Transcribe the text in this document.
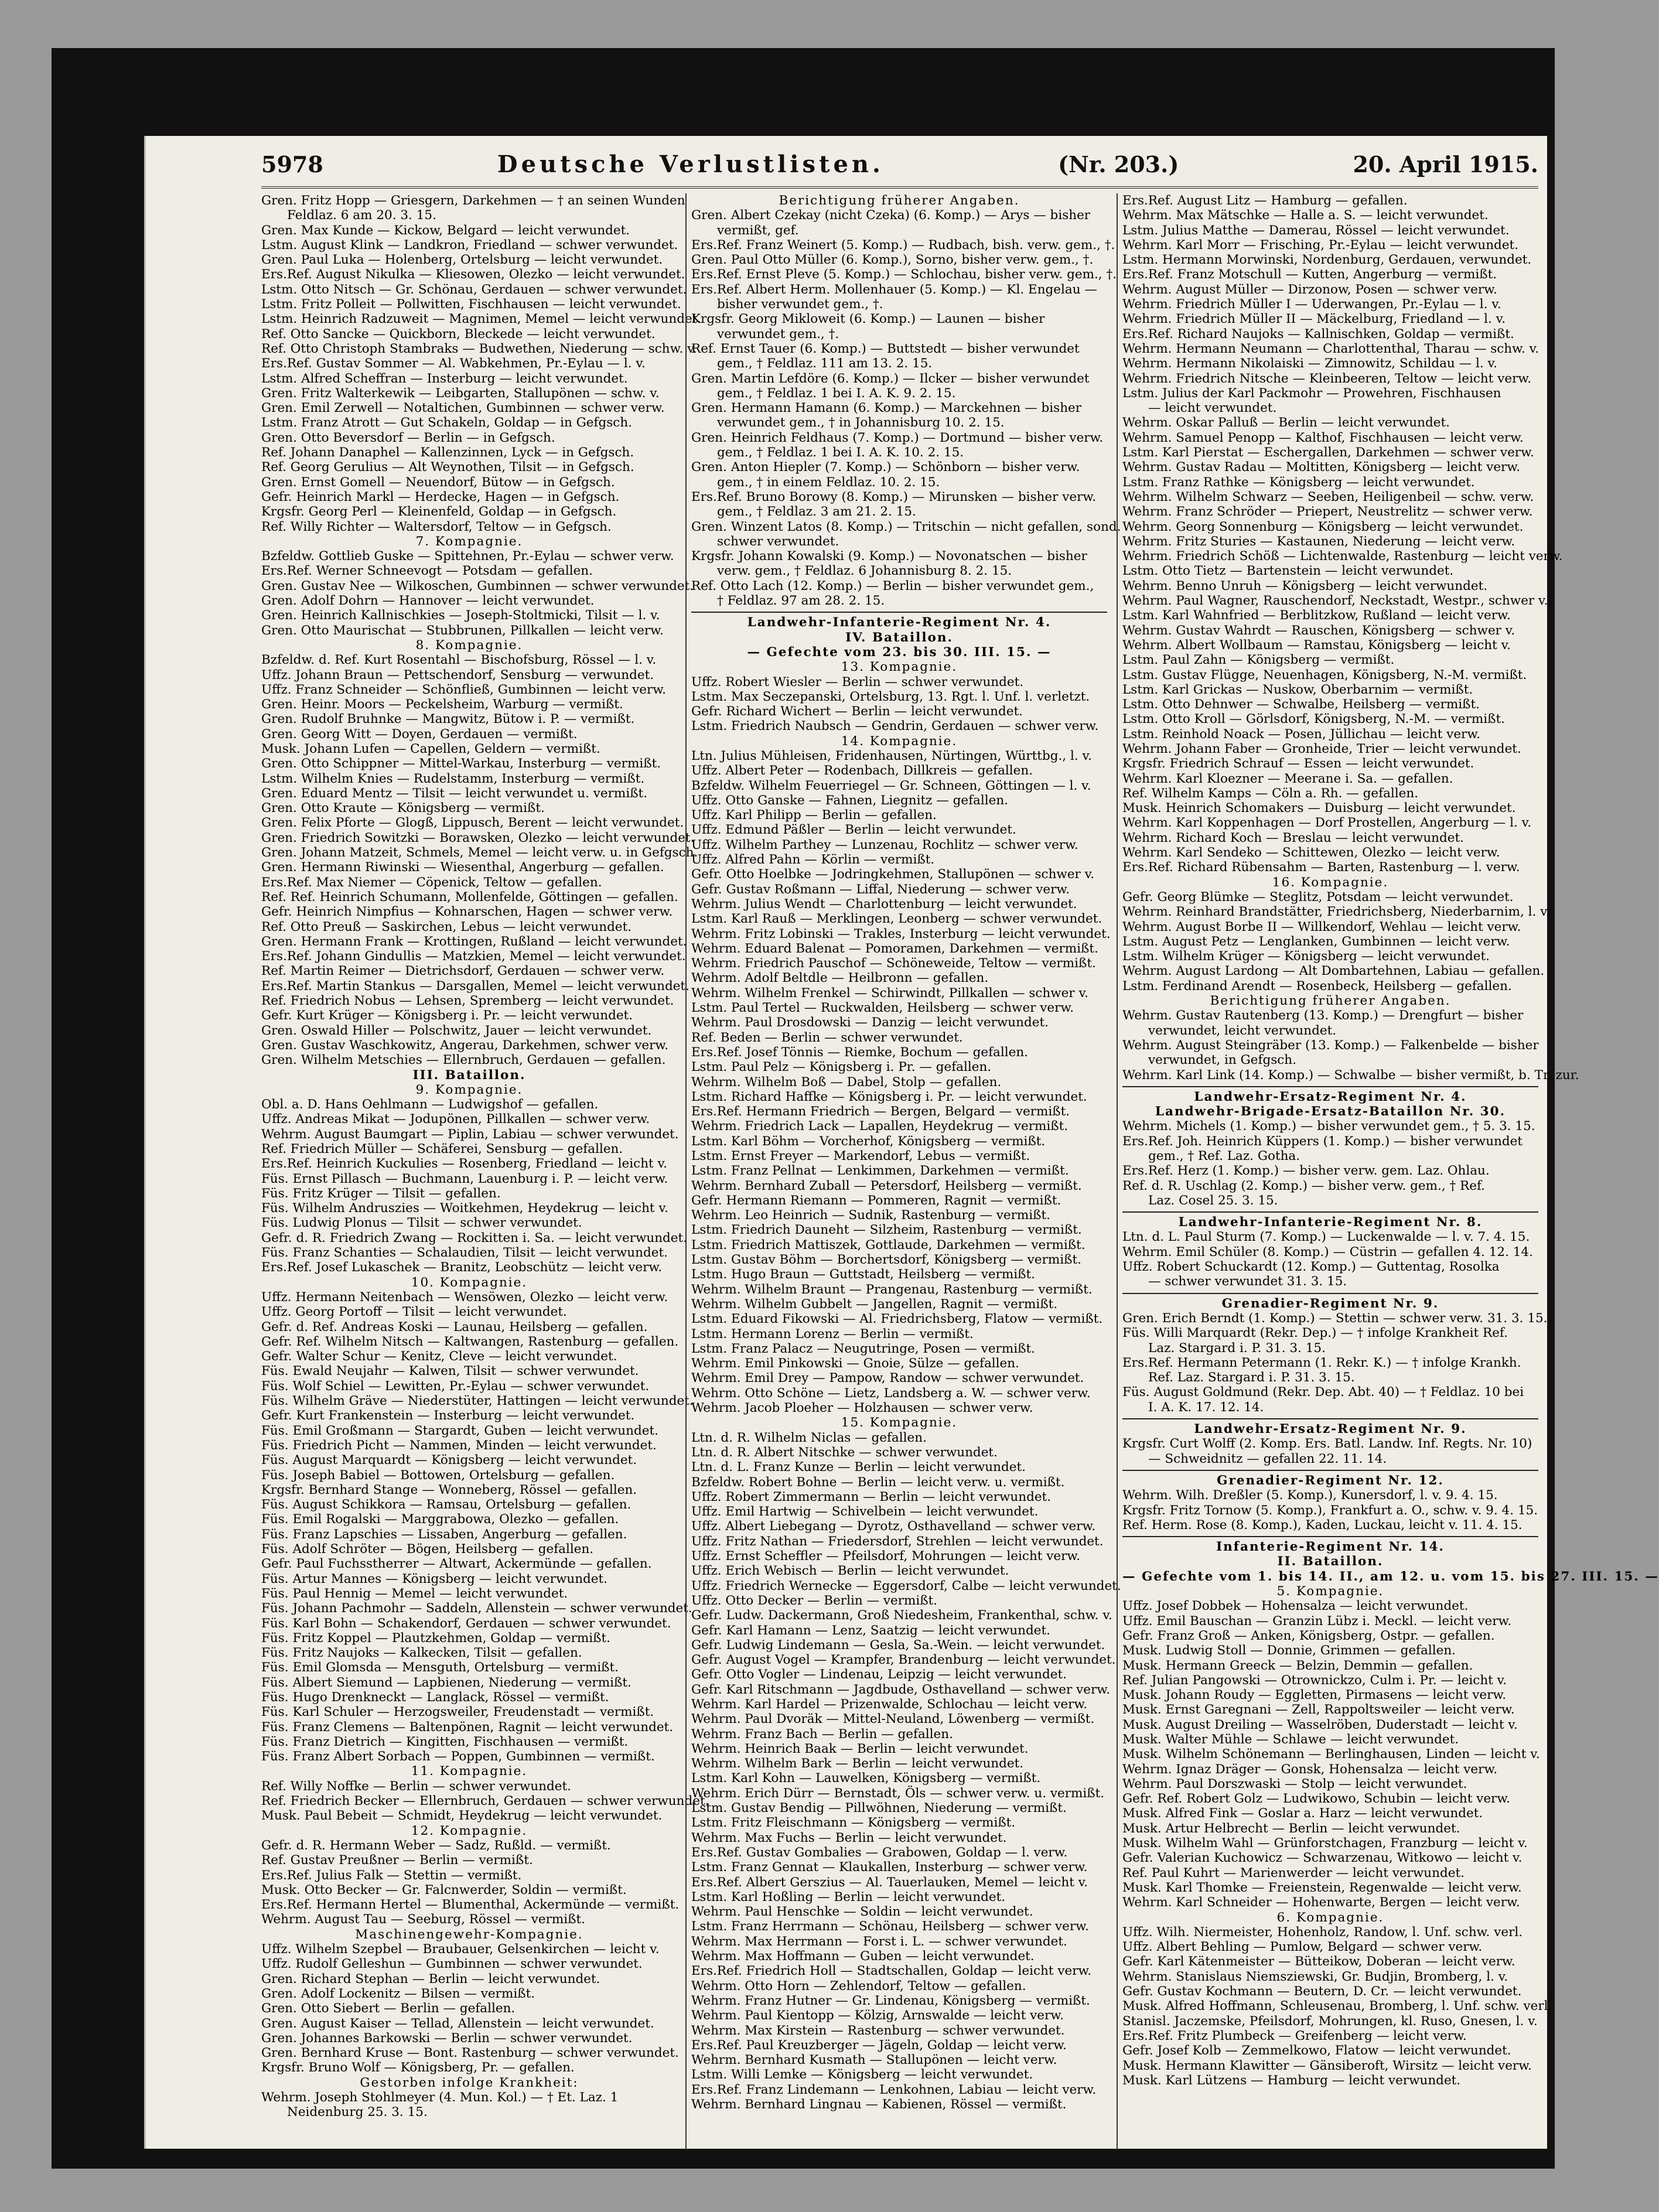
5978	Deutsche Verlustlisten.	(Nr. 203.)	20. April 1915.
Gren. Fritz Hopp — Griesgern, Darkehmen — † an seinen Wunden
Feldlaz. 6 am 20. 3. 15.
Gren. Max Kunde — Kickow, Belgard — leicht verwundet.
Lstm. August Klink — Landkron, Friedland — schwer verwundet.
Gren. Paul Luka — Holenberg, Ortelsburg — leicht verwundet.
Ers.Ref. August Nikulka — Kliesowen, Olezko — leicht verwundet.
Lstm. Otto Nitsch — Gr. Schönau, Gerdauen — schwer verwundet.
Lstm. Fritz Polleit — Pollwitten, Fischhausen — leicht verwundet.
Lstm. Heinrich Radzuweit — Magnimen, Memel — leicht verwundet.
Ref. Otto Sancke — Quickborn, Bleckede — leicht verwundet.
Ref. Otto Christoph Stambraks — Budwethen, Niederung — schw. v.
Ers.Ref. Gustav Sommer — Al. Wabkehmen, Pr.-Eylau — l. v.
Lstm. Alfred Scheffran — Insterburg — leicht verwundet.
Gren. Fritz Walterkewik — Leibgarten, Stallupönen — schw. v.
Gren. Emil Zerwell — Notaltichen, Gumbinnen — schwer verw.
Lstm. Franz Atrott — Gut Schakeln, Goldap — in Gefgsch.
Gren. Otto Beversdorf — Berlin — in Gefgsch.
Ref. Johann Danaphel — Kallenzinnen, Lyck — in Gefgsch.
Ref. Georg Gerulius — Alt Weynothen, Tilsit — in Gefgsch.
Gren. Ernst Gomell — Neuendorf, Bütow — in Gefgsch.
Gefr. Heinrich Markl — Herdecke, Hagen — in Gefgsch.
Krgsfr. Georg Perl — Kleinenfeld, Goldap — in Gefgsch.
Ref. Willy Richter — Waltersdorf, Teltow — in Gefgsch.
7. Kompagnie.
Bzfeldw. Gottlieb Guske — Spittehnen, Pr.-Eylau — schwer verw.
Ers.Ref. Werner Schneevogt — Potsdam — gefallen.
Gren. Gustav Nee — Wilkoschen, Gumbinnen — schwer verwundet.
Gren. Adolf Dohrn — Hannover — leicht verwundet.
Gren. Heinrich Kallnischkies — Joseph-Stoltmicki, Tilsit — l. v.
Gren. Otto Maurischat — Stubbrunen, Pillkallen — leicht verw.
8. Kompagnie.
Bzfeldw. d. Ref. Kurt Rosentahl — Bischofsburg, Rössel — l. v.
Uffz. Johann Braun — Pettschendorf, Sensburg — verwundet.
Uffz. Franz Schneider — Schönfließ, Gumbinnen — leicht verw.
Gren. Heinr. Moors — Peckelsheim, Warburg — vermißt.
Gren. Rudolf Bruhnke — Mangwitz, Bütow i. P. — vermißt.
Gren. Georg Witt — Doyen, Gerdauen — vermißt.
Musk. Johann Lufen — Capellen, Geldern — vermißt.
Gren. Otto Schippner — Mittel-Warkau, Insterburg — vermißt.
Lstm. Wilhelm Knies — Rudelstamm, Insterburg — vermißt.
Gren. Eduard Mentz — Tilsit — leicht verwundet u. vermißt.
Gren. Otto Kraute — Königsberg — vermißt.
Gren. Felix Pforte — Glogß, Lippusch, Berent — leicht verwundet.
Gren. Friedrich Sowitzki — Borawsken, Olezko — leicht verwundet.
Gren. Johann Matzeit, Schmels, Memel — leicht verw. u. in Gefgsch.
Gren. Hermann Riwinski — Wiesenthal, Angerburg — gefallen.
Ers.Ref. Max Niemer — Cöpenick, Teltow — gefallen.
Ref. Ref. Heinrich Schumann, Mollenfelde, Göttingen — gefallen.
Gefr. Heinrich Nimpfius — Kohnarschen, Hagen — schwer verw.
Ref. Otto Preuß — Saskirchen, Lebus — leicht verwundet.
Gren. Hermann Frank — Krottingen, Rußland — leicht verwundet.
Ers.Ref. Johann Gindullis — Matzkien, Memel — leicht verwundet.
Ref. Martin Reimer — Dietrichsdorf, Gerdauen — schwer verw.
Ers.Ref. Martin Stankus — Darsgallen, Memel — leicht verwundet.
Ref. Friedrich Nobus — Lehsen, Spremberg — leicht verwundet.
Gefr. Kurt Krüger — Königsberg i. Pr. — leicht verwundet.
Gren. Oswald Hiller — Polschwitz, Jauer — leicht verwundet.
Gren. Gustav Waschkowitz, Angerau, Darkehmen, schwer verw.
Gren. Wilhelm Metschies — Ellernbruch, Gerdauen — gefallen.
III. Bataillon.
9. Kompagnie.
Obl. a. D. Hans Oehlmann — Ludwigshof — gefallen.
Uffz. Andreas Mikat — Jodupönen, Pillkallen — schwer verw.
Wehrm. August Baumgart — Piplin, Labiau — schwer verwundet.
Ref. Friedrich Müller — Schäferei, Sensburg — gefallen.
Ers.Ref. Heinrich Kuckulies — Rosenberg, Friedland — leicht v.
Füs. Ernst Pillasch — Buchmann, Lauenburg i. P. — leicht verw.
Füs. Fritz Krüger — Tilsit — gefallen.
Füs. Wilhelm Andruszies — Woitkehmen, Heydekrug — leicht v.
Füs. Ludwig Plonus — Tilsit — schwer verwundet.
Gefr. d. R. Friedrich Zwang — Rockitten i. Sa. — leicht verwundet.
Füs. Franz Schanties — Schalaudien, Tilsit — leicht verwundet.
Ers.Ref. Josef Lukaschek — Branitz, Leobschütz — leicht verw.
10. Kompagnie.
Uffz. Hermann Neitenbach — Wensöwen, Olezko — leicht verw.
Uffz. Georg Portoff — Tilsit — leicht verwundet.
Gefr. d. Ref. Andreas Koski — Launau, Heilsberg — gefallen.
Gefr. Ref. Wilhelm Nitsch — Kaltwangen, Rastenburg — gefallen.
Gefr. Walter Schur — Kenitz, Cleve — leicht verwundet.
Füs. Ewald Neujahr — Kalwen, Tilsit — schwer verwundet.
Füs. Wolf Schiel — Lewitten, Pr.-Eylau — schwer verwundet.
Füs. Wilhelm Gräve — Niederstüter, Hattingen — leicht verwundet.
Gefr. Kurt Frankenstein — Insterburg — leicht verwundet.
Füs. Emil Großmann — Stargardt, Guben — leicht verwundet.
Füs. Friedrich Picht — Nammen, Minden — leicht verwundet.
Füs. August Marquardt — Königsberg — leicht verwundet.
Füs. Joseph Babiel — Bottowen, Ortelsburg — gefallen.
Krgsfr. Bernhard Stange — Wonneberg, Rössel — gefallen.
Füs. August Schikkora — Ramsau, Ortelsburg — gefallen.
Füs. Emil Rogalski — Marggrabowa, Olezko — gefallen.
Füs. Franz Lapschies — Lissaben, Angerburg — gefallen.
Füs. Adolf Schröter — Bögen, Heilsberg — gefallen.
Gefr. Paul Fuchsstherrer — Altwart, Ackermünde — gefallen.
Füs. Artur Mannes — Königsberg — leicht verwundet.
Füs. Paul Hennig — Memel — leicht verwundet.
Füs. Johann Pachmohr — Saddeln, Allenstein — schwer verwundet.
Füs. Karl Bohn — Schakendorf, Gerdauen — schwer verwundet.
Füs. Fritz Koppel — Plautzkehmen, Goldap — vermißt.
Füs. Fritz Naujoks — Kalkecken, Tilsit — gefallen.
Füs. Emil Glomsda — Mensguth, Ortelsburg — vermißt.
Füs. Albert Siemund — Lapbienen, Niederung — vermißt.
Füs. Hugo Drenkneckt — Langlack, Rössel — vermißt.
Füs. Karl Schuler — Herzogsweiler, Freudenstadt — vermißt.
Füs. Franz Clemens — Baltenpönen, Ragnit — leicht verwundet.
Füs. Franz Dietrich — Kingitten, Fischhausen — vermißt.
Füs. Franz Albert Sorbach — Poppen, Gumbinnen — vermißt.
11. Kompagnie.
Ref. Willy Noffke — Berlin — schwer verwundet.
Ref. Friedrich Becker — Ellernbruch, Gerdauen — schwer verwundet.
Musk. Paul Bebeit — Schmidt, Heydekrug — leicht verwundet.
12. Kompagnie.
Gefr. d. R. Hermann Weber — Sadz, Rußld. — vermißt.
Ref. Gustav Preußner — Berlin — vermißt.
Ers.Ref. Julius Falk — Stettin — vermißt.
Musk. Otto Becker — Gr. Falcnwerder, Soldin — vermißt.
Ers.Ref. Hermann Hertel — Blumenthal, Ackermünde — vermißt.
Wehrm. August Tau — Seeburg, Rössel — vermißt.
Maschinengewehr-Kompagnie.
Uffz. Wilhelm Szepbel — Braubauer, Gelsenkirchen — leicht v.
Uffz. Rudolf Gelleshun — Gumbinnen — schwer verwundet.
Gren. Richard Stephan — Berlin — leicht verwundet.
Gren. Adolf Lockenitz — Bilsen — vermißt.
Gren. Otto Siebert — Berlin — gefallen.
Gren. August Kaiser — Tellad, Allenstein — leicht verwundet.
Gren. Johannes Barkowski — Berlin — schwer verwundet.
Gren. Bernhard Kruse — Bont. Rastenburg — schwer verwundet.
Krgsfr. Bruno Wolf — Königsberg, Pr. — gefallen.
Gestorben infolge Krankheit:
Wehrm. Joseph Stohlmeyer (4. Mun. Kol.) — † Et. Laz. 1
Neidenburg 25. 3. 15.
Berichtigung früherer Angaben.
Gren. Albert Czekay (nicht Czeka) (6. Komp.) — Arys — bisher
vermißt, gef.
Ers.Ref. Franz Weinert (5. Komp.) — Rudbach, bish. verw. gem., †.
Gren. Paul Otto Müller (6. Komp.), Sorno, bisher verw. gem., †.
Ers.Ref. Ernst Pleve (5. Komp.) — Schlochau, bisher verw. gem., †.
Ers.Ref. Albert Herm. Mollenhauer (5. Komp.) — Kl. Engelau —
bisher verwundet gem., †.
Krgsfr. Georg Mikloweit (6. Komp.) — Launen — bisher
verwundet gem., †.
Ref. Ernst Tauer (6. Komp.) — Buttstedt — bisher verwundet
gem., † Feldlaz. 111 am 13. 2. 15.
Gren. Martin Lefdöre (6. Komp.) — Ilcker — bisher verwundet
gem., † Feldlaz. 1 bei I. A. K. 9. 2. 15.
Gren. Hermann Hamann (6. Komp.) — Marckehnen — bisher
verwundet gem., † in Johannisburg 10. 2. 15.
Gren. Heinrich Feldhaus (7. Komp.) — Dortmund — bisher verw.
gem., † Feldlaz. 1 bei I. A. K. 10. 2. 15.
Gren. Anton Hiepler (7. Komp.) — Schönborn — bisher verw.
gem., † in einem Feldlaz. 10. 2. 15.
Ers.Ref. Bruno Borowy (8. Komp.) — Mirunsken — bisher verw.
gem., † Feldlaz. 3 am 21. 2. 15.
Gren. Winzent Latos (8. Komp.) — Tritschin — nicht gefallen, sond.
schwer verwundet.
Krgsfr. Johann Kowalski (9. Komp.) — Novonatschen — bisher
verw. gem., † Feldlaz. 6 Johannisburg 8. 2. 15.
Ref. Otto Lach (12. Komp.) — Berlin — bisher verwundet gem.,
† Feldlaz. 97 am 28. 2. 15.
Landwehr-Infanterie-Regiment Nr. 4.
IV. Bataillon.
— Gefechte vom 23. bis 30. III. 15. —
13. Kompagnie.
Uffz. Robert Wiesler — Berlin — schwer verwundet.
Lstm. Max Seczepanski, Ortelsburg, 13. Rgt. l. Unf. l. verletzt.
Gefr. Richard Wichert — Berlin — leicht verwundet.
Lstm. Friedrich Naubsch — Gendrin, Gerdauen — schwer verw.
14. Kompagnie.
Ltn. Julius Mühleisen, Fridenhausen, Nürtingen, Württbg., l. v.
Uffz. Albert Peter — Rodenbach, Dillkreis — gefallen.
Bzfeldw. Wilhelm Feuerriegel — Gr. Schneen, Göttingen — l. v.
Uffz. Otto Ganske — Fahnen, Liegnitz — gefallen.
Uffz. Karl Philipp — Berlin — gefallen.
Uffz. Edmund Päßler — Berlin — leicht verwundet.
Uffz. Wilhelm Parthey — Lunzenau, Rochlitz — schwer verw.
Uffz. Alfred Pahn — Körlin — vermißt.
Gefr. Otto Hoelbke — Jodringkehmen, Stallupönen — schwer v.
Gefr. Gustav Roßmann — Liffal, Niederung — schwer verw.
Wehrm. Julius Wendt — Charlottenburg — leicht verwundet.
Lstm. Karl Rauß — Merklingen, Leonberg — schwer verwundet.
Wehrm. Fritz Lobinski — Trakles, Insterburg — leicht verwundet.
Wehrm. Eduard Balenat — Pomoramen, Darkehmen — vermißt.
Wehrm. Friedrich Pauschof — Schöneweide, Teltow — vermißt.
Wehrm. Adolf Beltdle — Heilbronn — gefallen.
Wehrm. Wilhelm Frenkel — Schirwindt, Pillkallen — schwer v.
Lstm. Paul Tertel — Ruckwalden, Heilsberg — schwer verw.
Wehrm. Paul Drosdowski — Danzig — leicht verwundet.
Ref. Beden — Berlin — schwer verwundet.
Ers.Ref. Josef Tönnis — Riemke, Bochum — gefallen.
Lstm. Paul Pelz — Königsberg i. Pr. — gefallen.
Wehrm. Wilhelm Boß — Dabel, Stolp — gefallen.
Lstm. Richard Haffke — Königsberg i. Pr. — leicht verwundet.
Ers.Ref. Hermann Friedrich — Bergen, Belgard — vermißt.
Wehrm. Friedrich Lack — Lapallen, Heydekrug — vermißt.
Lstm. Karl Böhm — Vorcherhof, Königsberg — vermißt.
Lstm. Ernst Freyer — Markendorf, Lebus — vermißt.
Lstm. Franz Pellnat — Lenkimmen, Darkehmen — vermißt.
Wehrm. Bernhard Zuball — Petersdorf, Heilsberg — vermißt.
Gefr. Hermann Riemann — Pommeren, Ragnit — vermißt.
Wehrm. Leo Heinrich — Sudnik, Rastenburg — vermißt.
Lstm. Friedrich Dauneht — Silzheim, Rastenburg — vermißt.
Lstm. Friedrich Mattiszek, Gottlaude, Darkehmen — vermißt.
Lstm. Gustav Böhm — Borchertsdorf, Königsberg — vermißt.
Lstm. Hugo Braun — Guttstadt, Heilsberg — vermißt.
Wehrm. Wilhelm Braunt — Prangenau, Rastenburg — vermißt.
Wehrm. Wilhelm Gubbelt — Jangellen, Ragnit — vermißt.
Lstm. Eduard Fikowski — Al. Friedrichsberg, Flatow — vermißt.
Lstm. Hermann Lorenz — Berlin — vermißt.
Lstm. Franz Palacz — Neugutringe, Posen — vermißt.
Wehrm. Emil Pinkowski — Gnoie, Sülze — gefallen.
Wehrm. Emil Drey — Pampow, Randow — schwer verwundet.
Wehrm. Otto Schöne — Lietz, Landsberg a. W. — schwer verw.
Wehrm. Jacob Ploeher — Holzhausen — schwer verw.
15. Kompagnie.
Ltn. d. R. Wilhelm Niclas — gefallen.
Ltn. d. R. Albert Nitschke — schwer verwundet.
Ltn. d. L. Franz Kunze — Berlin — leicht verwundet.
Bzfeldw. Robert Bohne — Berlin — leicht verw. u. vermißt.
Uffz. Robert Zimmermann — Berlin — leicht verwundet.
Uffz. Emil Hartwig — Schivelbein — leicht verwundet.
Uffz. Albert Liebegang — Dyrotz, Osthavelland — schwer verw.
Uffz. Fritz Nathan — Friedersdorf, Strehlen — leicht verwundet.
Uffz. Ernst Scheffler — Pfeilsdorf, Mohrungen — leicht verw.
Uffz. Erich Webisch — Berlin — leicht verwundet.
Uffz. Friedrich Wernecke — Eggersdorf, Calbe — leicht verwundet.
Uffz. Otto Decker — Berlin — vermißt.
Gefr. Ludw. Dackermann, Groß Niedesheim, Frankenthal, schw. v.
Gefr. Karl Hamann — Lenz, Saatzig — leicht verwundet.
Gefr. Ludwig Lindemann — Gesla, Sa.-Wein. — leicht verwundet.
Gefr. August Vogel — Krampfer, Brandenburg — leicht verwundet.
Gefr. Otto Vogler — Lindenau, Leipzig — leicht verwundet.
Gefr. Karl Ritschmann — Jagdbude, Osthavelland — schwer verw.
Wehrm. Karl Hardel — Prizenwalde, Schlochau — leicht verw.
Wehrm. Paul Dvoräk — Mittel-Neuland, Löwenberg — vermißt.
Wehrm. Franz Bach — Berlin — gefallen.
Wehrm. Heinrich Baak — Berlin — leicht verwundet.
Wehrm. Wilhelm Bark — Berlin — leicht verwundet.
Lstm. Karl Kohn — Lauwelken, Königsberg — vermißt.
Wehrm. Erich Dürr — Bernstadt, Öls — schwer verw. u. vermißt.
Lstm. Gustav Bendig — Pillwöhnen, Niederung — vermißt.
Lstm. Fritz Fleischmann — Königsberg — vermißt.
Wehrm. Max Fuchs — Berlin — leicht verwundet.
Ers.Ref. Gustav Gombalies — Grabowen, Goldap — l. verw.
Lstm. Franz Gennat — Klaukallen, Insterburg — schwer verw.
Ers.Ref. Albert Gerszius — Al. Tauerlauken, Memel — leicht v.
Lstm. Karl Hoßling — Berlin — leicht verwundet.
Wehrm. Paul Henschke — Soldin — leicht verwundet.
Lstm. Franz Herrmann — Schönau, Heilsberg — schwer verw.
Wehrm. Max Herrmann — Forst i. L. — schwer verwundet.
Wehrm. Max Hoffmann — Guben — leicht verwundet.
Ers.Ref. Friedrich Holl — Stadtschallen, Goldap — leicht verw.
Wehrm. Otto Horn — Zehlendorf, Teltow — gefallen.
Wehrm. Franz Hutner — Gr. Lindenau, Königsberg — vermißt.
Wehrm. Paul Kientopp — Kölzig, Arnswalde — leicht verw.
Wehrm. Max Kirstein — Rastenburg — schwer verwundet.
Ers.Ref. Paul Kreuzberger — Jägeln, Goldap — leicht verw.
Wehrm. Bernhard Kusmath — Stallupönen — leicht verw.
Lstm. Willi Lemke — Königsberg — leicht verwundet.
Ers.Ref. Franz Lindemann — Lenkohnen, Labiau — leicht verw.
Wehrm. Bernhard Lingnau — Kabienen, Rössel — vermißt.
Ers.Ref. August Litz — Hamburg — gefallen.
Wehrm. Max Mätschke — Halle a. S. — leicht verwundet.
Lstm. Julius Matthe — Damerau, Rössel — leicht verwundet.
Wehrm. Karl Morr — Frisching, Pr.-Eylau — leicht verwundet.
Lstm. Hermann Morwinski, Nordenburg, Gerdauen, verwundet.
Ers.Ref. Franz Motschull — Kutten, Angerburg — vermißt.
Wehrm. August Müller — Dirzonow, Posen — schwer verw.
Wehrm. Friedrich Müller I — Uderwangen, Pr.-Eylau — l. v.
Wehrm. Friedrich Müller II — Mäckelburg, Friedland — l. v.
Ers.Ref. Richard Naujoks — Kallnischken, Goldap — vermißt.
Wehrm. Hermann Neumann — Charlottenthal, Tharau — schw. v.
Wehrm. Hermann Nikolaiski — Zimnowitz, Schildau — l. v.
Wehrm. Friedrich Nitsche — Kleinbeeren, Teltow — leicht verw.
Lstm. Julius der Karl Packmohr — Prowehren, Fischhausen
— leicht verwundet.
Wehrm. Oskar Palluß — Berlin — leicht verwundet.
Wehrm. Samuel Penopp — Kalthof, Fischhausen — leicht verw.
Lstm. Karl Pierstat — Eschergallen, Darkehmen — schwer verw.
Wehrm. Gustav Radau — Moltitten, Königsberg — leicht verw.
Lstm. Franz Rathke — Königsberg — leicht verwundet.
Wehrm. Wilhelm Schwarz — Seeben, Heiligenbeil — schw. verw.
Wehrm. Franz Schröder — Priepert, Neustrelitz — schwer verw.
Wehrm. Georg Sonnenburg — Königsberg — leicht verwundet.
Wehrm. Fritz Sturies — Kastaunen, Niederung — leicht verw.
Wehrm. Friedrich Schöß — Lichtenwalde, Rastenburg — leicht verw.
Lstm. Otto Tietz — Bartenstein — leicht verwundet.
Wehrm. Benno Unruh — Königsberg — leicht verwundet.
Wehrm. Paul Wagner, Rauschendorf, Neckstadt, Westpr., schwer v.
Lstm. Karl Wahnfried — Berblitzkow, Rußland — leicht verw.
Wehrm. Gustav Wahrdt — Rauschen, Königsberg — schwer v.
Wehrm. Albert Wollbaum — Ramstau, Königsberg — leicht v.
Lstm. Paul Zahn — Königsberg — vermißt.
Lstm. Gustav Flügge, Neuenhagen, Königsberg, N.-M. vermißt.
Lstm. Karl Grickas — Nuskow, Oberbarnim — vermißt.
Lstm. Otto Dehnwer — Schwalbe, Heilsberg — vermißt.
Lstm. Otto Kroll — Görlsdorf, Königsberg, N.-M. — vermißt.
Lstm. Reinhold Noack — Posen, Jüllichau — leicht verw.
Wehrm. Johann Faber — Gronheide, Trier — leicht verwundet.
Krgsfr. Friedrich Schrauf — Essen — leicht verwundet.
Wehrm. Karl Kloezner — Meerane i. Sa. — gefallen.
Ref. Wilhelm Kamps — Cöln a. Rh. — gefallen.
Musk. Heinrich Schomakers — Duisburg — leicht verwundet.
Wehrm. Karl Koppenhagen — Dorf Prostellen, Angerburg — l. v.
Wehrm. Richard Koch — Breslau — leicht verwundet.
Wehrm. Karl Sendeko — Schittewen, Olezko — leicht verw.
Ers.Ref. Richard Rübensahm — Barten, Rastenburg — l. verw.
16. Kompagnie.
Gefr. Georg Blümke — Steglitz, Potsdam — leicht verwundet.
Wehrm. Reinhard Brandstätter, Friedrichsberg, Niederbarnim, l. v.
Wehrm. August Borbe II — Willkendorf, Wehlau — leicht verw.
Lstm. August Petz — Lenglanken, Gumbinnen — leicht verw.
Lstm. Wilhelm Krüger — Königsberg — leicht verwundet.
Wehrm. August Lardong — Alt Dombartehnen, Labiau — gefallen.
Lstm. Ferdinand Arendt — Rosenbeck, Heilsberg — gefallen.
Berichtigung früherer Angaben.
Wehrm. Gustav Rautenberg (13. Komp.) — Drengfurt — bisher
verwundet, leicht verwundet.
Wehrm. August Steingräber (13. Komp.) — Falkenbelde — bisher
verwundet, in Gefgsch.
Wehrm. Karl Link (14. Komp.) — Schwalbe — bisher vermißt, b. Tr. zur.
Landwehr-Ersatz-Regiment Nr. 4.
Landwehr-Brigade-Ersatz-Bataillon Nr. 30.
Wehrm. Michels (1. Komp.) — bisher verwundet gem., † 5. 3. 15.
Ers.Ref. Joh. Heinrich Küppers (1. Komp.) — bisher verwundet
gem., † Ref. Laz. Gotha.
Ers.Ref. Herz (1. Komp.) — bisher verw. gem. Laz. Ohlau.
Ref. d. R. Uschlag (2. Komp.) — bisher verw. gem., † Ref.
Laz. Cosel 25. 3. 15.
Landwehr-Infanterie-Regiment Nr. 8.
Ltn. d. L. Paul Sturm (7. Komp.) — Luckenwalde — l. v. 7. 4. 15.
Wehrm. Emil Schüler (8. Komp.) — Cüstrin — gefallen 4. 12. 14.
Uffz. Robert Schuckardt (12. Komp.) — Guttentag, Rosolka
— schwer verwundet 31. 3. 15.
Grenadier-Regiment Nr. 9.
Gren. Erich Berndt (1. Komp.) — Stettin — schwer verw. 31. 3. 15.
Füs. Willi Marquardt (Rekr. Dep.) — † infolge Krankheit Ref.
Laz. Stargard i. P. 31. 3. 15.
Ers.Ref. Hermann Petermann (1. Rekr. K.) — † infolge Krankh.
Ref. Laz. Stargard i. P. 31. 3. 15.
Füs. August Goldmund (Rekr. Dep. Abt. 40) — † Feldlaz. 10 bei
I. A. K. 17. 12. 14.
Landwehr-Ersatz-Regiment Nr. 9.
Krgsfr. Curt Wolff (2. Komp. Ers. Batl. Landw. Inf. Regts. Nr. 10)
— Schweidnitz — gefallen 22. 11. 14.
Grenadier-Regiment Nr. 12.
Wehrm. Wilh. Dreßler (5. Komp.), Kunersdorf, l. v. 9. 4. 15.
Krgsfr. Fritz Tornow (5. Komp.), Frankfurt a. O., schw. v. 9. 4. 15.
Ref. Herm. Rose (8. Komp.), Kaden, Luckau, leicht v. 11. 4. 15.
Infanterie-Regiment Nr. 14.
II. Bataillon.
— Gefechte vom 1. bis 14. II., am 12. u. vom 15. bis 27. III. 15. —
5. Kompagnie.
Uffz. Josef Dobbek — Hohensalza — leicht verwundet.
Uffz. Emil Bauschan — Granzin Lübz i. Meckl. — leicht verw.
Gefr. Franz Groß — Anken, Königsberg, Ostpr. — gefallen.
Musk. Ludwig Stoll — Donnie, Grimmen — gefallen.
Musk. Hermann Greeck — Belzin, Demmin — gefallen.
Ref. Julian Pangowski — Otrownickzo, Culm i. Pr. — leicht v.
Musk. Johann Roudy — Eggletten, Pirmasens — leicht verw.
Musk. Ernst Garegnani — Zell, Rappoltsweiler — leicht verw.
Musk. August Dreiling — Wasselröben, Duderstadt — leicht v.
Musk. Walter Mühle — Schlawe — leicht verwundet.
Musk. Wilhelm Schönemann — Berlinghausen, Linden — leicht v.
Wehrm. Ignaz Dräger — Gonsk, Hohensalza — leicht verw.
Wehrm. Paul Dorszwaski — Stolp — leicht verwundet.
Gefr. Ref. Robert Golz — Ludwikowo, Schubin — leicht verw.
Musk. Alfred Fink — Goslar a. Harz — leicht verwundet.
Musk. Artur Helbrecht — Berlin — leicht verwundet.
Musk. Wilhelm Wahl — Grünforstchagen, Franzburg — leicht v.
Gefr. Valerian Kuchowicz — Schwarzenau, Witkowo — leicht v.
Ref. Paul Kuhrt — Marienwerder — leicht verwundet.
Musk. Karl Thomke — Freienstein, Regenwalde — leicht verw.
Wehrm. Karl Schneider — Hohenwarte, Bergen — leicht verw.
6. Kompagnie.
Uffz. Wilh. Niermeister, Hohenholz, Randow, l. Unf. schw. verl.
Uffz. Albert Behling — Pumlow, Belgard — schwer verw.
Gefr. Karl Kätenmeister — Bütteikow, Doberan — leicht verw.
Wehrm. Stanislaus Niemsziewski, Gr. Budjin, Bromberg, l. v.
Gefr. Gustav Kochmann — Beutern, D. Cr. — leicht verwundet.
Musk. Alfred Hoffmann, Schleusenau, Bromberg, l. Unf. schw. verl.
Stanisl. Jaczemske, Pfeilsdorf, Mohrungen, kl. Ruso, Gnesen, l. v.
Ers.Ref. Fritz Plumbeck — Greifenberg — leicht verw.
Gefr. Josef Kolb — Zemmelkowo, Flatow — leicht verwundet.
Musk. Hermann Klawitter — Gänsiberoft, Wirsitz — leicht verw.
Musk. Karl Lützens — Hamburg — leicht verwundet.
